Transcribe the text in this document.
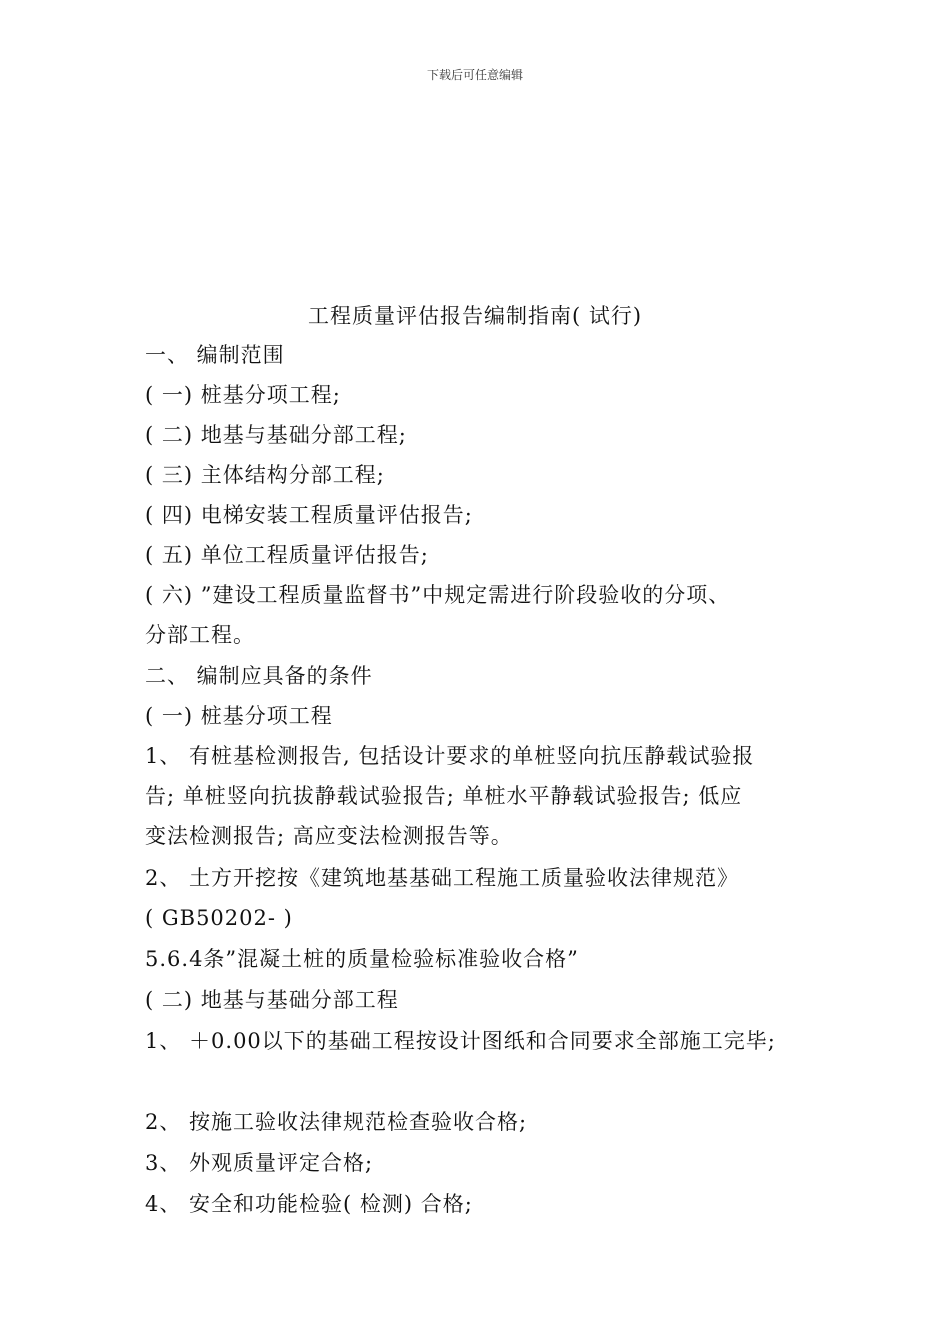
下载后可任意编辑
工程质量评估报告编制指南( 试行)
一、 编制范围
( 一) 桩基分项工程;
( 二) 地基与基础分部工程;
( 三) 主体结构分部工程;
( 四) 电梯安装工程质量评估报告;
( 五) 单位工程质量评估报告;
( 六) ”建设工程质量监督书”中规定需进行阶段验收的分项、
分部工程。
二、 编制应具备的条件
( 一) 桩基分项工程
1、 有桩基检测报告, 包括设计要求的单桩竖向抗压静载试验报
告; 单桩竖向抗拔静载试验报告; 单桩水平静载试验报告; 低应
变法检测报告; 高应变法检测报告等。
2、 土方开挖按《建筑地基基础工程施工质量验收法律规范》
( GB50202- )
5.6.4条”混凝土桩的质量检验标准验收合格”
( 二) 地基与基础分部工程
1、 ＋0.00以下的基础工程按设计图纸和合同要求全部施工完毕;
2、 按施工验收法律规范检查验收合格;
3、 外观质量评定合格;
4、 安全和功能检验( 检测) 合格;
